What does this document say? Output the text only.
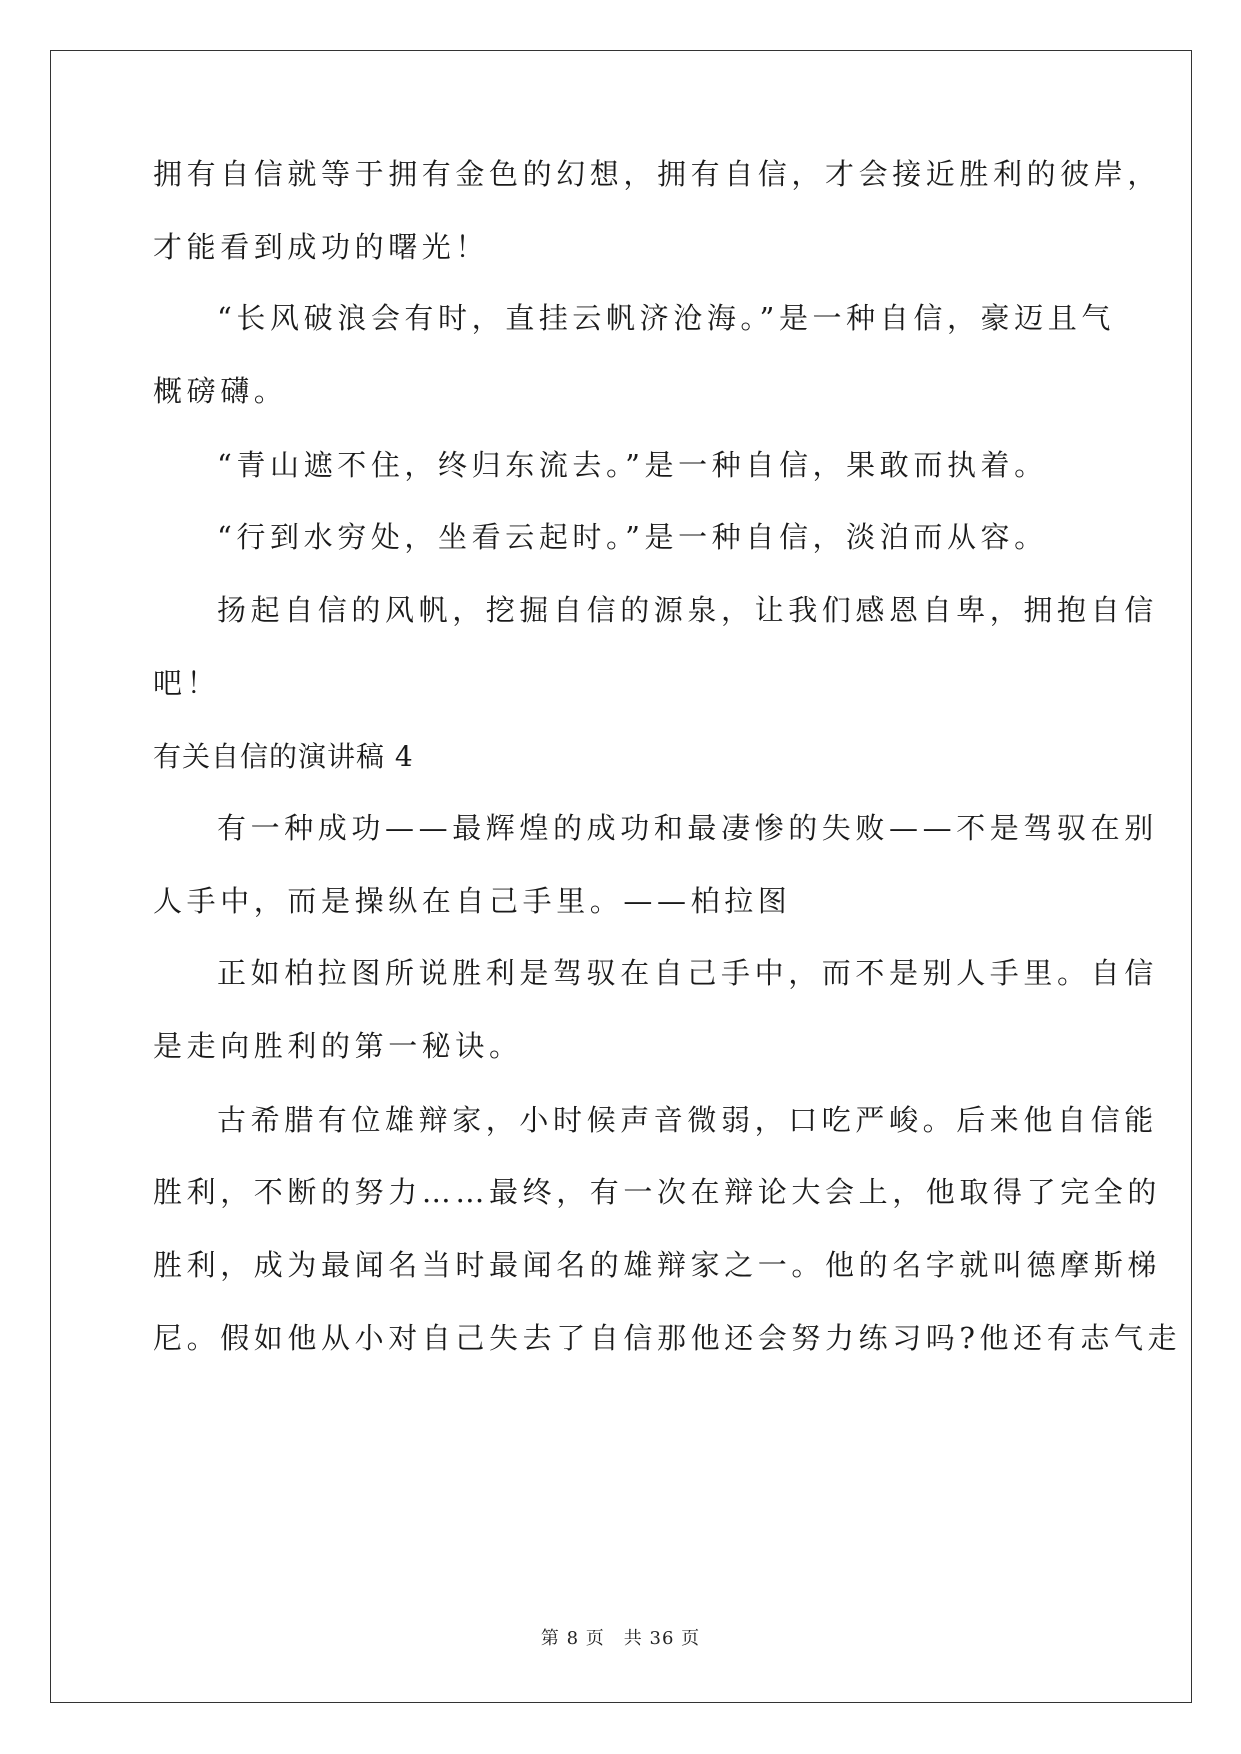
拥有自信就等于拥有金色的幻想，拥有自信，才会接近胜利的彼岸，
才能看到成功的曙光！
“长风破浪会有时，直挂云帆济沧海。”是一种自信，豪迈且气
概磅礴。
“青山遮不住，终归东流去。”是一种自信，果敢而执着。
“行到水穷处，坐看云起时。”是一种自信，淡泊而从容。
扬起自信的风帆，挖掘自信的源泉，让我们感恩自卑，拥抱自信
吧！
有关自信的演讲稿 4
有一种成功——最辉煌的成功和最凄惨的失败——不是驾驭在别
人手中，而是操纵在自己手里。——柏拉图
正如柏拉图所说胜利是驾驭在自己手中，而不是别人手里。自信
是走向胜利的第一秘诀。
古希腊有位雄辩家，小时候声音微弱，口吃严峻。后来他自信能
胜利，不断的努力……最终，有一次在辩论大会上，他取得了完全的
胜利，成为最闻名当时最闻名的雄辩家之一。他的名字就叫德摩斯梯
尼。假如他从小对自己失去了自信那他还会努力练习吗?他还有志气走
第 8 页　共 36 页
